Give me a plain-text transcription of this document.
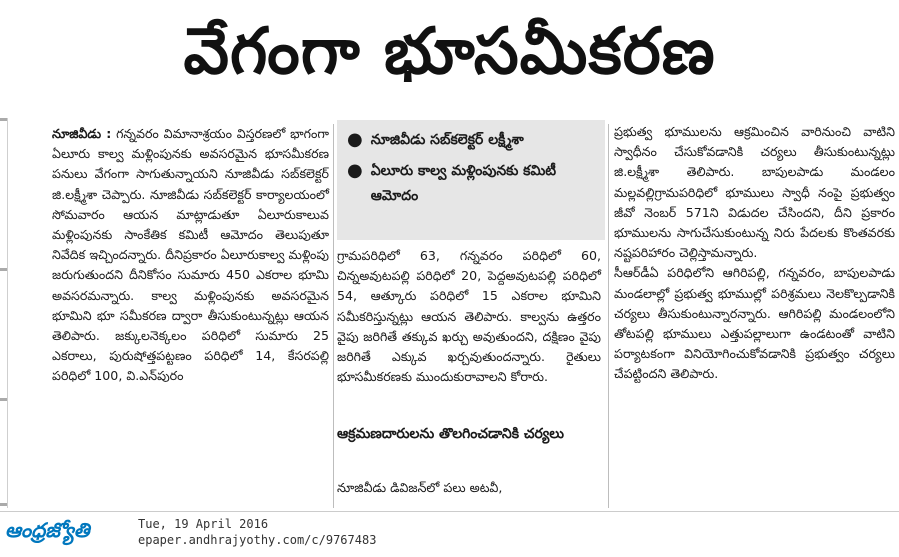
వేగంగా భూసమీకరణ

నూజివీడు : గన్నవరం విమానాశ్రయం విస్తరణలో భాగంగా ఏలూరు కాల్వ మళ్లింపునకు అవసరమైన భూసమీకరణ పనులు వేగంగా సాగుతున్నాయని నూజివీడు సబ్‌కలెక్టర్ జి.లక్ష్మీశా చెప్పారు. నూజివీడు సబ్‌కలెక్టర్ కార్యాలయంలో సోమవారం ఆయన మాట్లాడుతూ ఏలూరుకాలువ మళ్లింపునకు సాంకేతిక కమిటీ ఆమోదం తెలుపుతూ నివేదిక ఇచ్చిందన్నారు. దీనిప్రకారం ఏలూరుకాల్వ మళ్లింపు జరుగుతుందని దీనికోసం సుమారు 450 ఎకరాల భూమి అవసరమన్నారు. కాల్వ మళ్లింపునకు అవసరమైన భూమిని భూ సమీకరణ ద్వారా తీసుకుంటున్నట్లు ఆయన తెలిపారు. జక్కులనెక్కలం పరిధిలో సుమారు 25 ఎకరాలు, పురుషోత్తపట్టణం పరిధిలో 14, కేసరపల్లి పరిధిలో 100, వి.ఎన్‌పురం

● నూజివీడు సబ్‌కలెక్టర్ లక్ష్మీశా
● ఏలూరు కాల్వ మళ్లింపునకు కమిటీ ఆమోదం

గ్రామపరిధిలో 63, గన్నవరం పరిధిలో 60, చిన్నఅవుటపల్లి పరిధిలో 20, పెద్దఅవుటపల్లి పరిధిలో 54, ఆత్కూరు పరిధిలో 15 ఎకరాల భూమిని సమీకరిస్తున్నట్లు ఆయన తెలిపారు. కాల్వను ఉత్తరం వైపు జరిగితే తక్కువ ఖర్చు అవుతుందని, దక్షిణం వైపు జరిగితే ఎక్కువ ఖర్చవుతుందన్నారు. రైతులు భూసమీకరణకు ముందుకురావాలని కోరారు.

ఆక్రమణదారులను తొలగించడానికి చర్యలు

నూజివీడు డివిజన్‌లో పలు అటవీ,

ప్రభుత్వ భూములను ఆక్రమించిన వారినుంచి వాటిని స్వాధీనం చేసుకోవడానికి చర్యలు తీసుకుంటున్నట్లు జి.లక్ష్మీశా తెలిపారు. బాపులపాడు మండలం మల్లవల్లిగ్రామపరిధిలో భూములు స్వాధీ నంపై ప్రభుత్వం జీవో నెంబర్ 571ని విడుదల చేసిందని, దీని ప్రకారం భూములను సాగుచేసుకుంటున్న నిరు పేదలకు కొంతవరకు నష్టపరిహారం చెల్లిస్తామన్నారు.

సీఆర్‌డీఏ పరిధిలోని ఆగిరిపల్లి, గన్నవరం, బాపులపాడు మండలాల్లో ప్రభుత్వ భూముల్లో పరిశ్రమలు నెలకొల్పడానికి చర్యలు తీసుకుంటున్నారన్నారు. ఆగిరిపల్లి మండలంలోని తోటపల్లి భూములు ఎత్తుపల్లాలుగా ఉండటంతో వాటిని పర్యాటకంగా వినియోగించుకోవడానికి ప్రభుత్వం చర్యలు చేపట్టిందని తెలిపారు.

ఆంధ్రజ్యోతి	Tue, 19 April 2016
epaper.andhrajyothy.com/c/9767483
